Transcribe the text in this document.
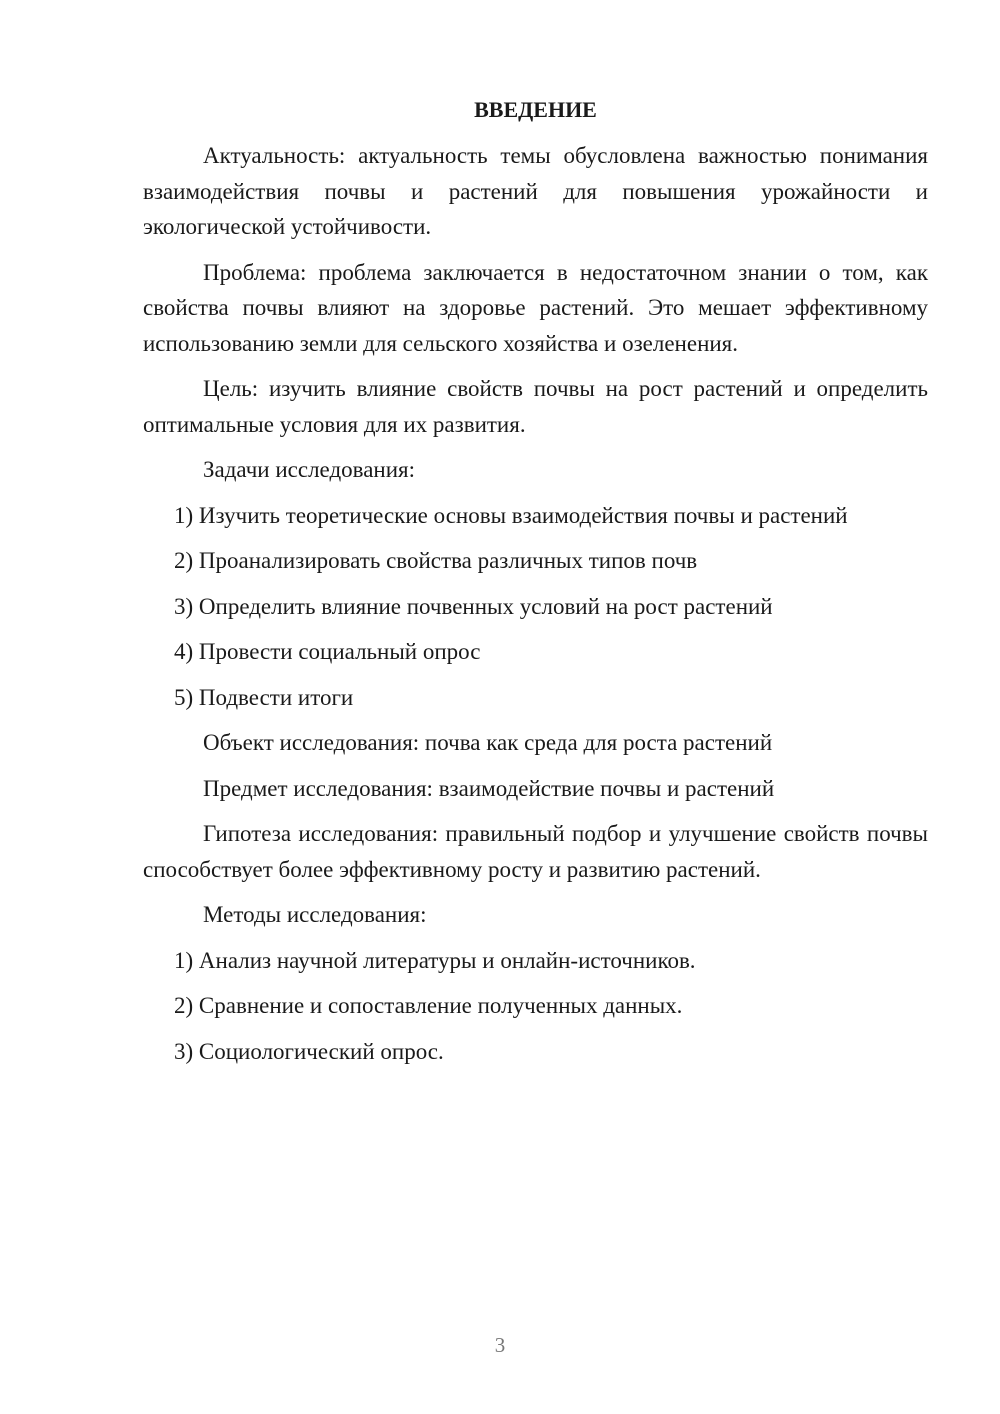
ВВЕДЕНИЕ

Актуальность: актуальность темы обусловлена важностью понимания взаимодействия почвы и растений для повышения урожайности и экологической устойчивости.

Проблема: проблема заключается в недостаточном знании о том, как свойства почвы влияют на здоровье растений. Это мешает эффективному использованию земли для сельского хозяйства и озеленения.

Цель: изучить влияние свойств почвы на рост растений и определить оптимальные условия для их развития.

Задачи исследования:

1) Изучить теоретические основы взаимодействия почвы и растений

2) Проанализировать свойства различных типов почв

3) Определить влияние почвенных условий на рост растений

4) Провести социальный опрос

5) Подвести итоги

Объект исследования: почва как среда для роста растений

Предмет исследования: взаимодействие почвы и растений

Гипотеза исследования: правильный подбор и улучшение свойств почвы способствует более эффективному росту и развитию растений.

Методы исследования:

1) Анализ научной литературы и онлайн-источников.

2) Сравнение и сопоставление полученных данных.

3) Социологический опрос.

3
